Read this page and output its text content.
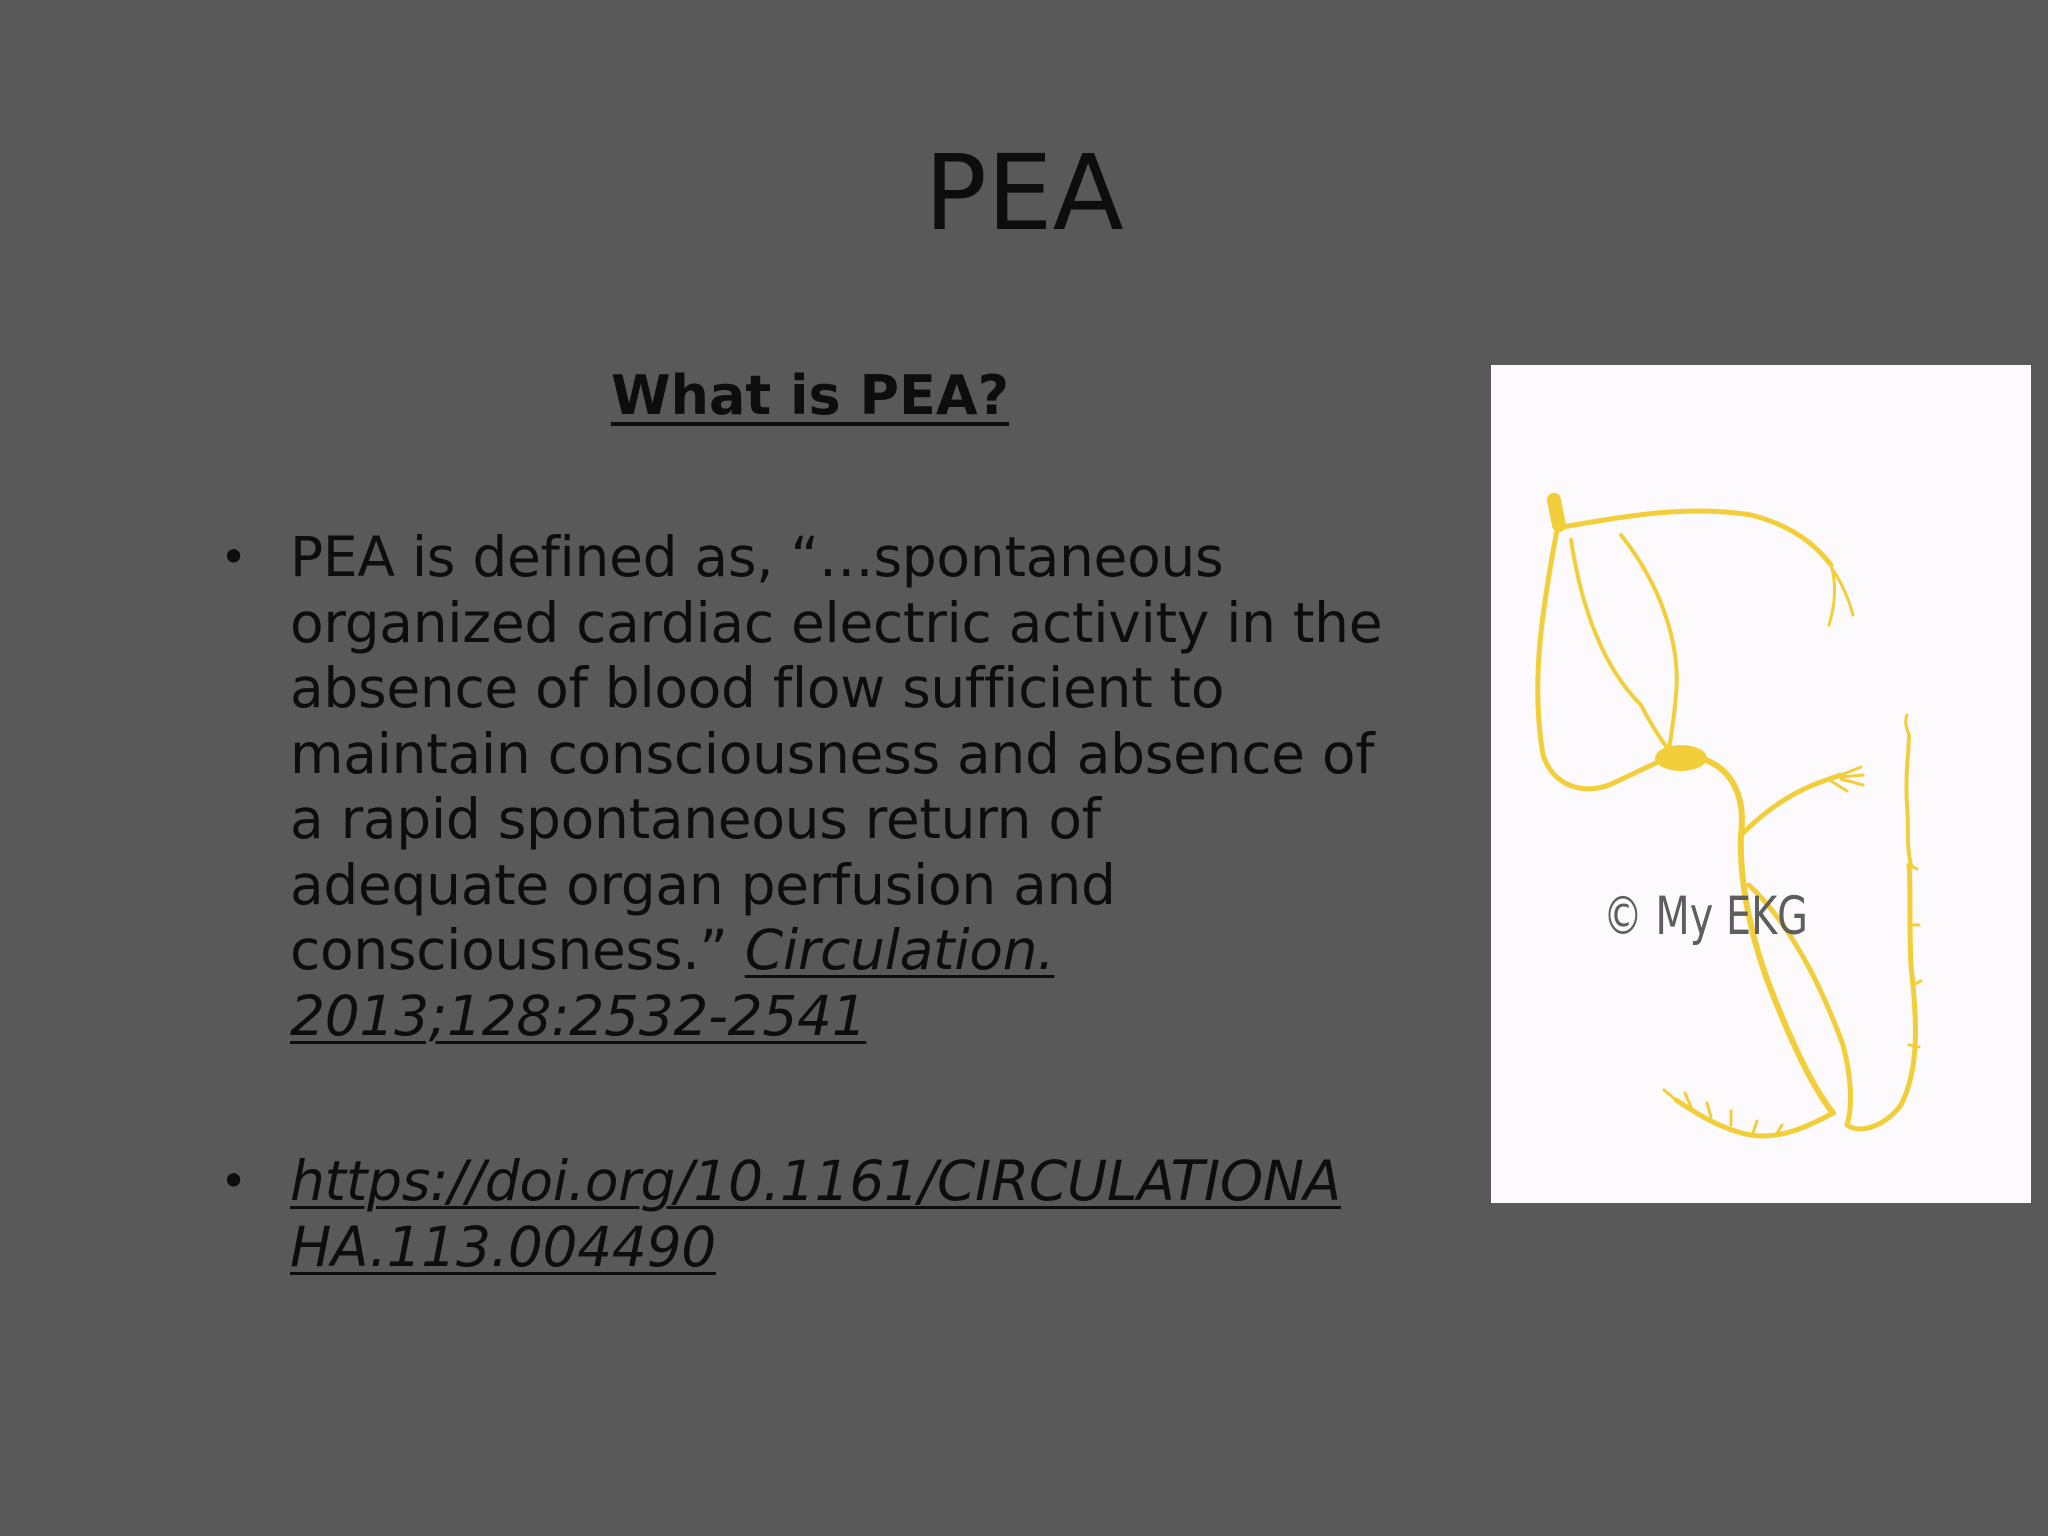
PEA
What is PEA?
• PEA is defined as, “…spontaneous
organized cardiac electric activity in the
absence of blood flow sufficient to
maintain consciousness and absence of
a rapid spontaneous return of
adequate organ perfusion and
consciousness.” Circulation.
2013;128:2532-2541
• https://doi.org/10.1161/CIRCULATIONA
HA.113.004490
© My EKG
